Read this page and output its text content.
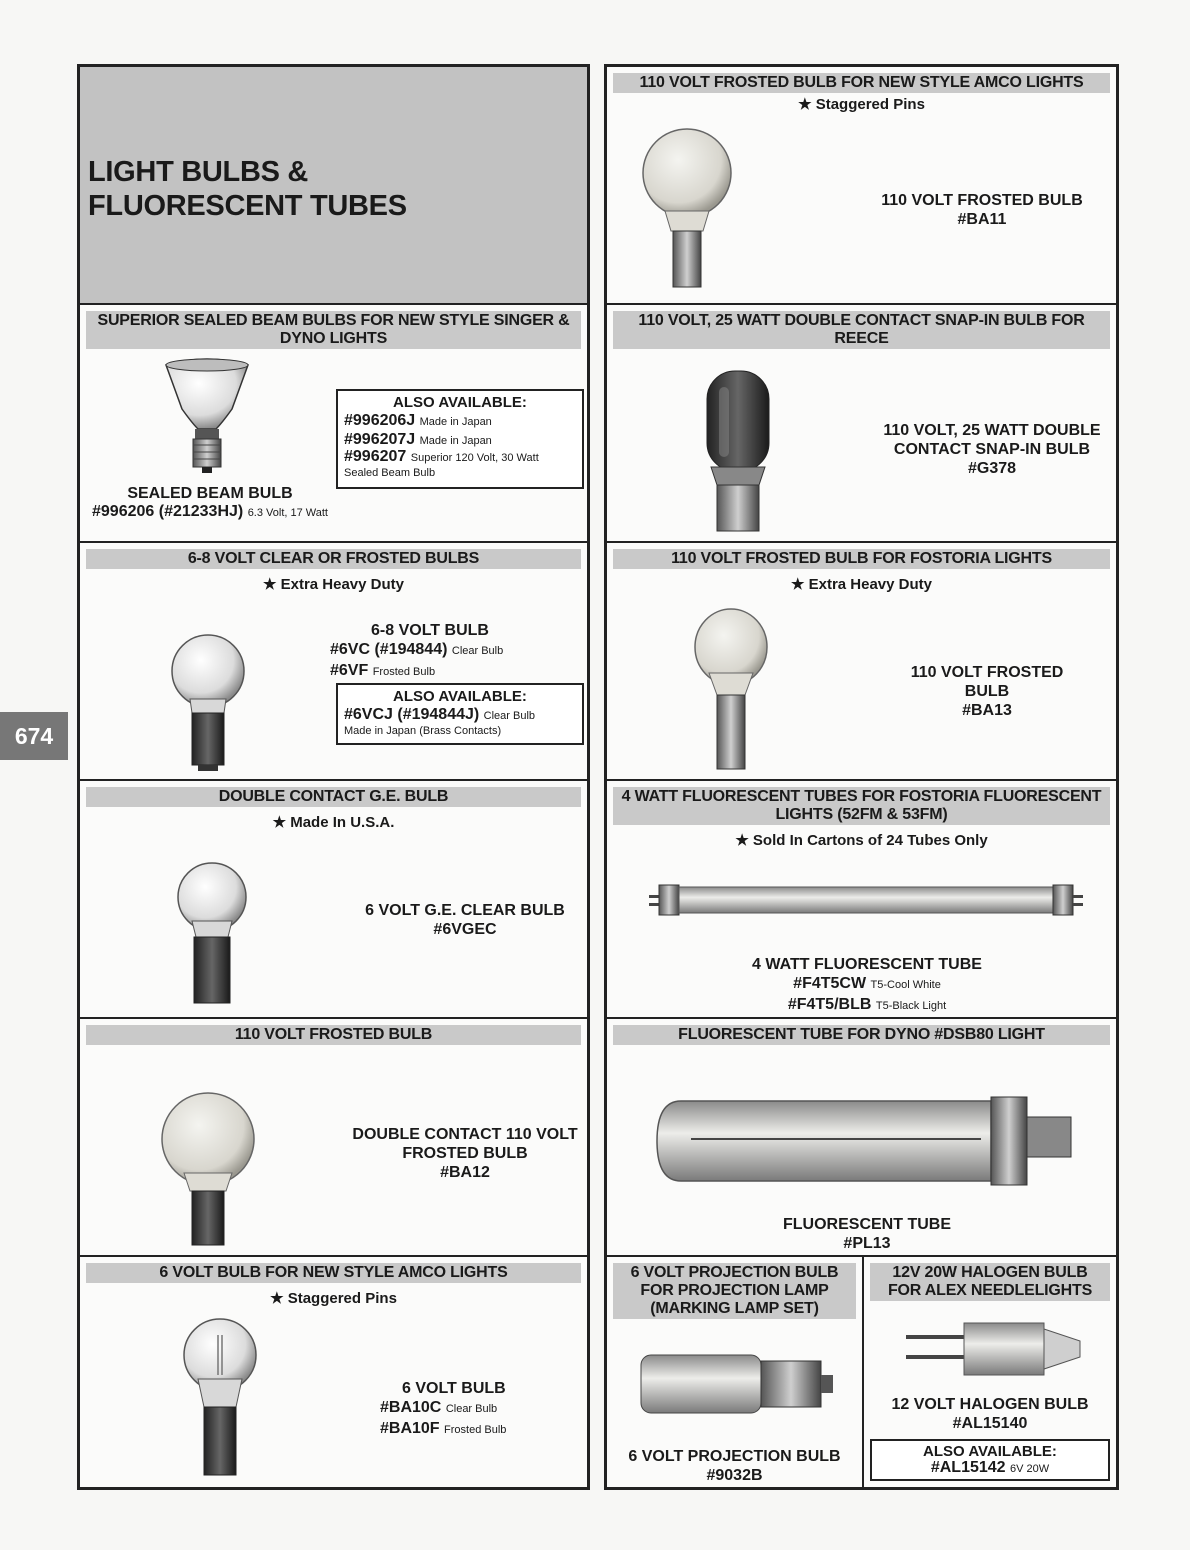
674
LIGHT BULBS & FLUORESCENT TUBES
SUPERIOR SEALED BEAM BULBS FOR NEW STYLE SINGER & DYNO LIGHTS
ALSO AVAILABLE:
#996206J Made in Japan
#996207J Made in Japan
#996207 Superior 120 Volt, 30 Watt Sealed Beam Bulb
SEALED BEAM BULB
#996206 (#21233HJ) 6.3 Volt, 17 Watt
6-8 VOLT CLEAR OR FROSTED BULBS
★ Extra Heavy Duty
6-8 VOLT BULB
#6VC (#194844) Clear Bulb
#6VF Frosted Bulb
ALSO AVAILABLE:
#6VCJ (#194844J) Clear Bulb
Made in Japan (Brass Contacts)
DOUBLE CONTACT G.E. BULB
★ Made In U.S.A.
6 VOLT G.E. CLEAR BULB
#6VGEC
110 VOLT FROSTED BULB
DOUBLE CONTACT 110 VOLT
FROSTED BULB
#BA12
6 VOLT BULB FOR NEW STYLE AMCO LIGHTS
★ Staggered Pins
6 VOLT BULB
#BA10C Clear Bulb
#BA10F Frosted Bulb
110 VOLT FROSTED BULB FOR NEW STYLE AMCO LIGHTS
★ Staggered Pins
110 VOLT FROSTED BULB
#BA11
110 VOLT, 25 WATT DOUBLE CONTACT SNAP-IN BULB FOR REECE
110 VOLT, 25 WATT DOUBLE
CONTACT SNAP-IN BULB
#G378
110 VOLT FROSTED BULB FOR FOSTORIA LIGHTS
★ Extra Heavy Duty
110 VOLT FROSTED BULB
#BA13
4 WATT FLUORESCENT TUBES FOR FOSTORIA FLUORESCENT LIGHTS (52FM & 53FM)
★ Sold In Cartons of 24 Tubes Only
4 WATT FLUORESCENT TUBE
#F4T5CW T5-Cool White
#F4T5/BLB T5-Black Light
FLUORESCENT TUBE FOR DYNO #DSB80 LIGHT
FLUORESCENT TUBE
#PL13
6 VOLT PROJECTION BULB FOR PROJECTION LAMP (MARKING LAMP SET)
6 VOLT PROJECTION BULB
#9032B
12V 20W HALOGEN BULB FOR ALEX NEEDLELIGHTS
12 VOLT HALOGEN BULB
#AL15140
ALSO AVAILABLE:
#AL15142 6V 20W
